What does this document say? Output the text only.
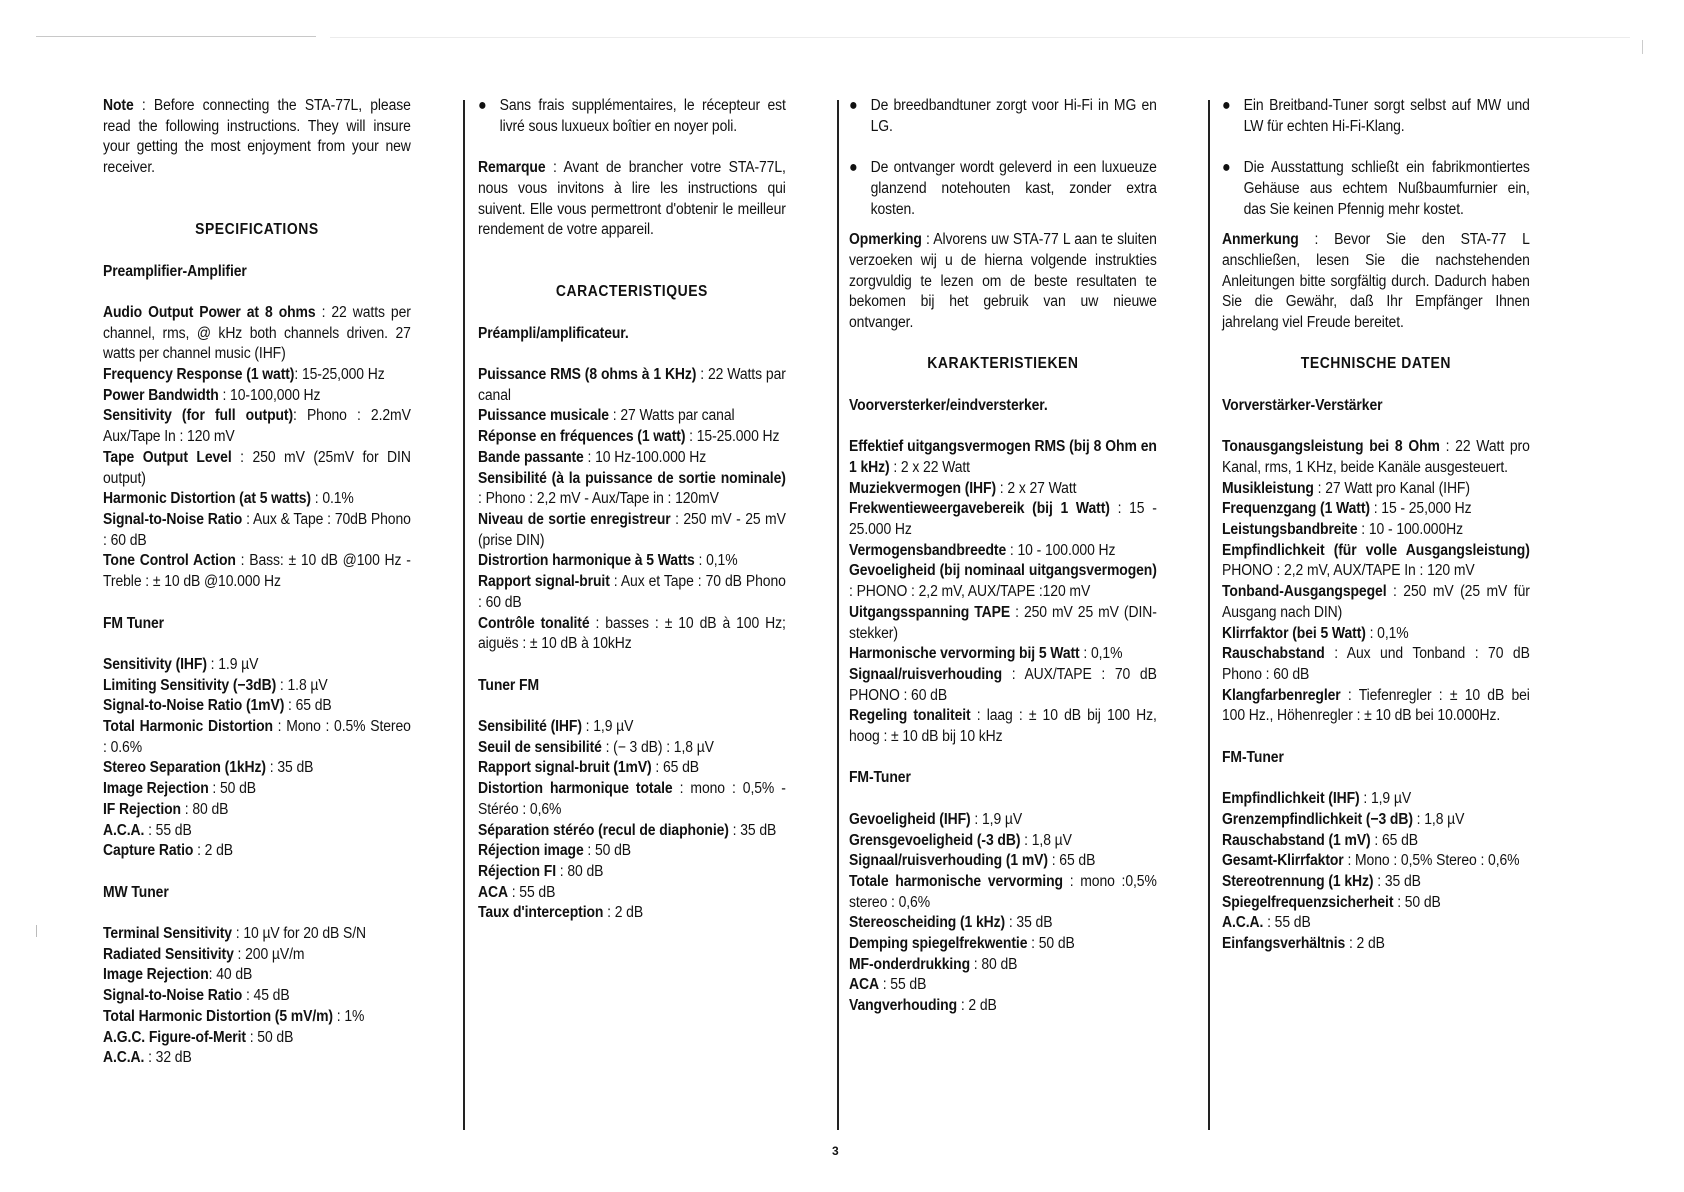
Note : Before connecting the STA-77L, please read the following instructions. They will insure your getting the most enjoyment from your new receiver.

SPECIFICATIONS

Preamplifier-Amplifier

Audio Output Power at 8 ohms : 22 watts per channel, rms, @ kHz both channels driven. 27 watts per channel music (IHF)

Frequency Response (1 watt): 15-25,000 Hz

Power Bandwidth : 10-100,000 Hz

Sensitivity (for full output): Phono : 2.2mV Aux/Tape In : 120 mV

Tape Output Level : 250 mV (25mV for DIN output)

Harmonic Distortion (at 5 watts) : 0.1%

Signal-to-Noise Ratio : Aux & Tape : 70dB Phono : 60 dB

Tone Control Action : Bass: ± 10 dB @100 Hz - Treble : ± 10 dB @10.000 Hz

FM Tuner

Sensitivity (IHF) : 1.9 µV

Limiting Sensitivity (−3dB) : 1.8 µV

Signal-to-Noise Ratio (1mV) : 65 dB

Total Harmonic Distortion : Mono : 0.5% Stereo : 0.6%

Stereo Separation (1kHz) : 35 dB

Image Rejection : 50 dB

IF Rejection : 80 dB

A.C.A. : 55 dB

Capture Ratio : 2 dB

MW Tuner

Terminal Sensitivity : 10 µV for 20 dB S/N

Radiated Sensitivity : 200 µV/m

Image Rejection: 40 dB

Signal-to-Noise Ratio : 45 dB

Total Harmonic Distortion (5 mV/m) : 1%

A.G.C. Figure-of-Merit : 50 dB

A.C.A. : 32 dB

● Sans frais supplémentaires, le récepteur est livré sous luxueux boîtier en noyer poli.

Remarque : Avant de brancher votre STA-77L, nous vous invitons à lire les instructions qui suivent. Elle vous permettront d'obtenir le meilleur rendement de votre appareil.

CARACTERISTIQUES

Préampli/amplificateur.

Puissance RMS (8 ohms à 1 KHz) : 22 Watts par canal

Puissance musicale : 27 Watts par canal

Réponse en fréquences (1 watt) : 15-25.000 Hz

Bande passante : 10 Hz-100.000 Hz

Sensibilité (à la puissance de sortie nominale) : Phono : 2,2 mV - Aux/Tape in : 120mV

Niveau de sortie enregistreur : 250 mV - 25 mV (prise DIN)

Distrortion harmonique à 5 Watts : 0,1%

Rapport signal-bruit : Aux et Tape : 70 dB Phono : 60 dB

Contrôle tonalité : basses : ± 10 dB à 100 Hz; aiguës : ± 10 dB à 10kHz

Tuner FM

Sensibilité (IHF) : 1,9 µV

Seuil de sensibilité : (− 3 dB) : 1,8 µV

Rapport signal-bruit (1mV) : 65 dB

Distortion harmonique totale : mono : 0,5% - Stéréo : 0,6%

Séparation stéréo (recul de diaphonie) : 35 dB

Réjection image : 50 dB

Réjection FI : 80 dB

ACA : 55 dB

Taux d'interception : 2 dB

● De breedbandtuner zorgt voor Hi-Fi in MG en LG.
● De ontvanger wordt geleverd in een luxueuze glanzend notehouten kast, zonder extra kosten.

Opmerking : Alvorens uw STA-77 L aan te sluiten verzoeken wij u de hierna volgende instrukties zorgvuldig te lezen om de beste resultaten te bekomen bij het gebruik van uw nieuwe ontvanger.

KARAKTERISTIEKEN

Voorversterker/eindversterker.

Effektief uitgangsvermogen RMS (bij 8 Ohm en 1 kHz) : 2 x 22 Watt

Muziekvermogen (IHF) : 2 x 27 Watt

Frekwentieweergavebereik (bij 1 Watt) : 15 - 25.000 Hz

Vermogensbandbreedte : 10 - 100.000 Hz

Gevoeligheid (bij nominaal uitgangsvermogen) : PHONO : 2,2 mV, AUX/TAPE :120 mV

Uitgangsspanning TAPE : 250 mV 25 mV (DIN-stekker)

Harmonische vervorming bij 5 Watt : 0,1%

Signaal/ruisverhouding : AUX/TAPE : 70 dB PHONO : 60 dB

Regeling tonaliteit : laag : ± 10 dB bij 100 Hz, hoog : ± 10 dB bij 10 kHz

FM-Tuner

Gevoeligheid (IHF) : 1,9 µV

Grensgevoeligheid (-3 dB) : 1,8 µV

Signaal/ruisverhouding (1 mV) : 65 dB

Totale harmonische vervorming : mono :0,5% stereo : 0,6%

Stereoscheiding (1 kHz) : 35 dB

Demping spiegelfrekwentie : 50 dB

MF-onderdrukking : 80 dB

ACA : 55 dB

Vangverhouding : 2 dB

● Ein Breitband-Tuner sorgt selbst auf MW und LW für echten Hi-Fi-Klang.
● Die Ausstattung schließt ein fabrikmontiertes Gehäuse aus echtem Nußbaumfurnier ein, das Sie keinen Pfennig mehr kostet.

Anmerkung : Bevor Sie den STA-77 L anschließen, lesen Sie die nachstehenden Anleitungen bitte sorgfältig durch. Dadurch haben Sie die Gewähr, daß Ihr Empfänger Ihnen jahrelang viel Freude bereitet.

TECHNISCHE DATEN

Vorverstärker-Verstärker

Tonausgangsleistung bei 8 Ohm : 22 Watt pro Kanal, rms, 1 KHz, beide Kanäle ausgesteuert.

Musikleistung : 27 Watt pro Kanal (IHF)

Frequenzgang (1 Watt) : 15 - 25,000 Hz

Leistungsbandbreite : 10 - 100.000Hz

Empfindlichkeit (für volle Ausgangsleistung) PHONO : 2,2 mV, AUX/TAPE In : 120 mV

Tonband-Ausgangspegel : 250 mV (25 mV für Ausgang nach DIN)

Klirrfaktor (bei 5 Watt) : 0,1%

Rauschabstand : Aux und Tonband : 70 dB Phono : 60 dB

Klangfarbenregler : Tiefenregler : ± 10 dB bei 100 Hz., Höhenregler : ± 10 dB bei 10.000Hz.

FM-Tuner

Empfindlichkeit (IHF) : 1,9 µV

Grenzempfindlichkeit (−3 dB) : 1,8 µV

Rauschabstand (1 mV) : 65 dB

Gesamt-Klirrfaktor : Mono : 0,5% Stereo : 0,6%

Stereotrennung (1 kHz) : 35 dB

Spiegelfrequenzsicherheit : 50 dB

A.C.A. : 55 dB

Einfangsverhältnis : 2 dB

3
